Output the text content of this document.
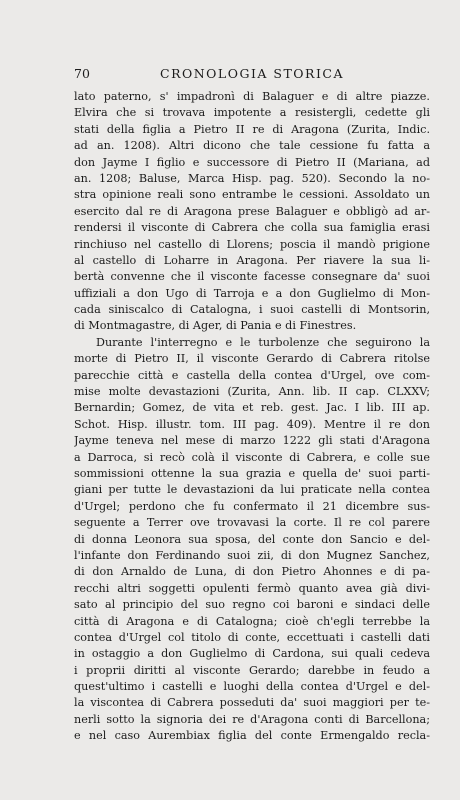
70	CRONOLOGIA STORICA
lato paterno, s' impadronì di Balaguer e di altre piazze.
Elvira che si trovava impotente a resistergli, cedette gli
stati della figlia a Pietro II re di Aragona (Zurita, Indic.
ad an. 1208). Altri dicono che tale cessione fu fatta a
don Jayme I figlio e successore di Pietro II (Mariana, ad
an. 1208; Baluse, Marca Hisp. pag. 520). Secondo la no-
stra opinione reali sono entrambe le cessioni. Assoldato un
esercito dal re di Aragona prese Balaguer e obbligò ad ar-
rendersi il visconte di Cabrera che colla sua famiglia erasi
rinchiuso nel castello di Llorens; poscia il mandò prigione
al castello di Loharre in Aragona. Per riavere la sua li-
bertà convenne che il visconte facesse consegnare da' suoi
uffiziali a don Ugo di Tarroja e a don Guglielmo di Mon-
cada siniscalco di Catalogna, i suoi castelli di Montsorin,
di Montmagastre, di Ager, di Pania e di Finestres.
Durante l'interregno e le turbolenze che seguirono la
morte di Pietro II, il visconte Gerardo di Cabrera ritolse
parecchie città e castella della contea d'Urgel, ove com-
mise molte devastazioni (Zurita, Ann. lib. II cap. CLXXV;
Bernardin; Gomez, de vita et reb. gest. Jac. I lib. III ap.
Schot. Hisp. illustr. tom. III pag. 409). Mentre il re don
Jayme teneva nel mese di marzo 1222 gli stati d'Aragona
a Darroca, si recò colà il visconte di Cabrera, e colle sue
sommissioni ottenne la sua grazia e quella de' suoi parti-
giani per tutte le devastazioni da lui praticate nella contea
d'Urgel; perdono che fu confermato il 21 dicembre sus-
seguente a Terrer ove trovavasi la corte. Il re col parere
di donna Leonora sua sposa, del conte don Sancio e del-
l'infante don Ferdinando suoi zii, di don Mugnez Sanchez,
di don Arnaldo de Luna, di don Pietro Ahonnes e di pa-
recchi altri soggetti opulenti fermò quanto avea già divi-
sato al principio del suo regno coi baroni e sindaci delle
città di Aragona e di Catalogna; cioè ch'egli terrebbe la
contea d'Urgel col titolo di conte, eccettuati i castelli dati
in ostaggio a don Guglielmo di Cardona, sui quali cedeva
i proprii diritti al visconte Gerardo; darebbe in feudo a
quest'ultimo i castelli e luoghi della contea d'Urgel e del-
la viscontea di Cabrera posseduti da' suoi maggiori per te-
nerli sotto la signoria dei re d'Aragona conti di Barcellona;
e nel caso Aurembiax figlia del conte Ermengaldo recla-
